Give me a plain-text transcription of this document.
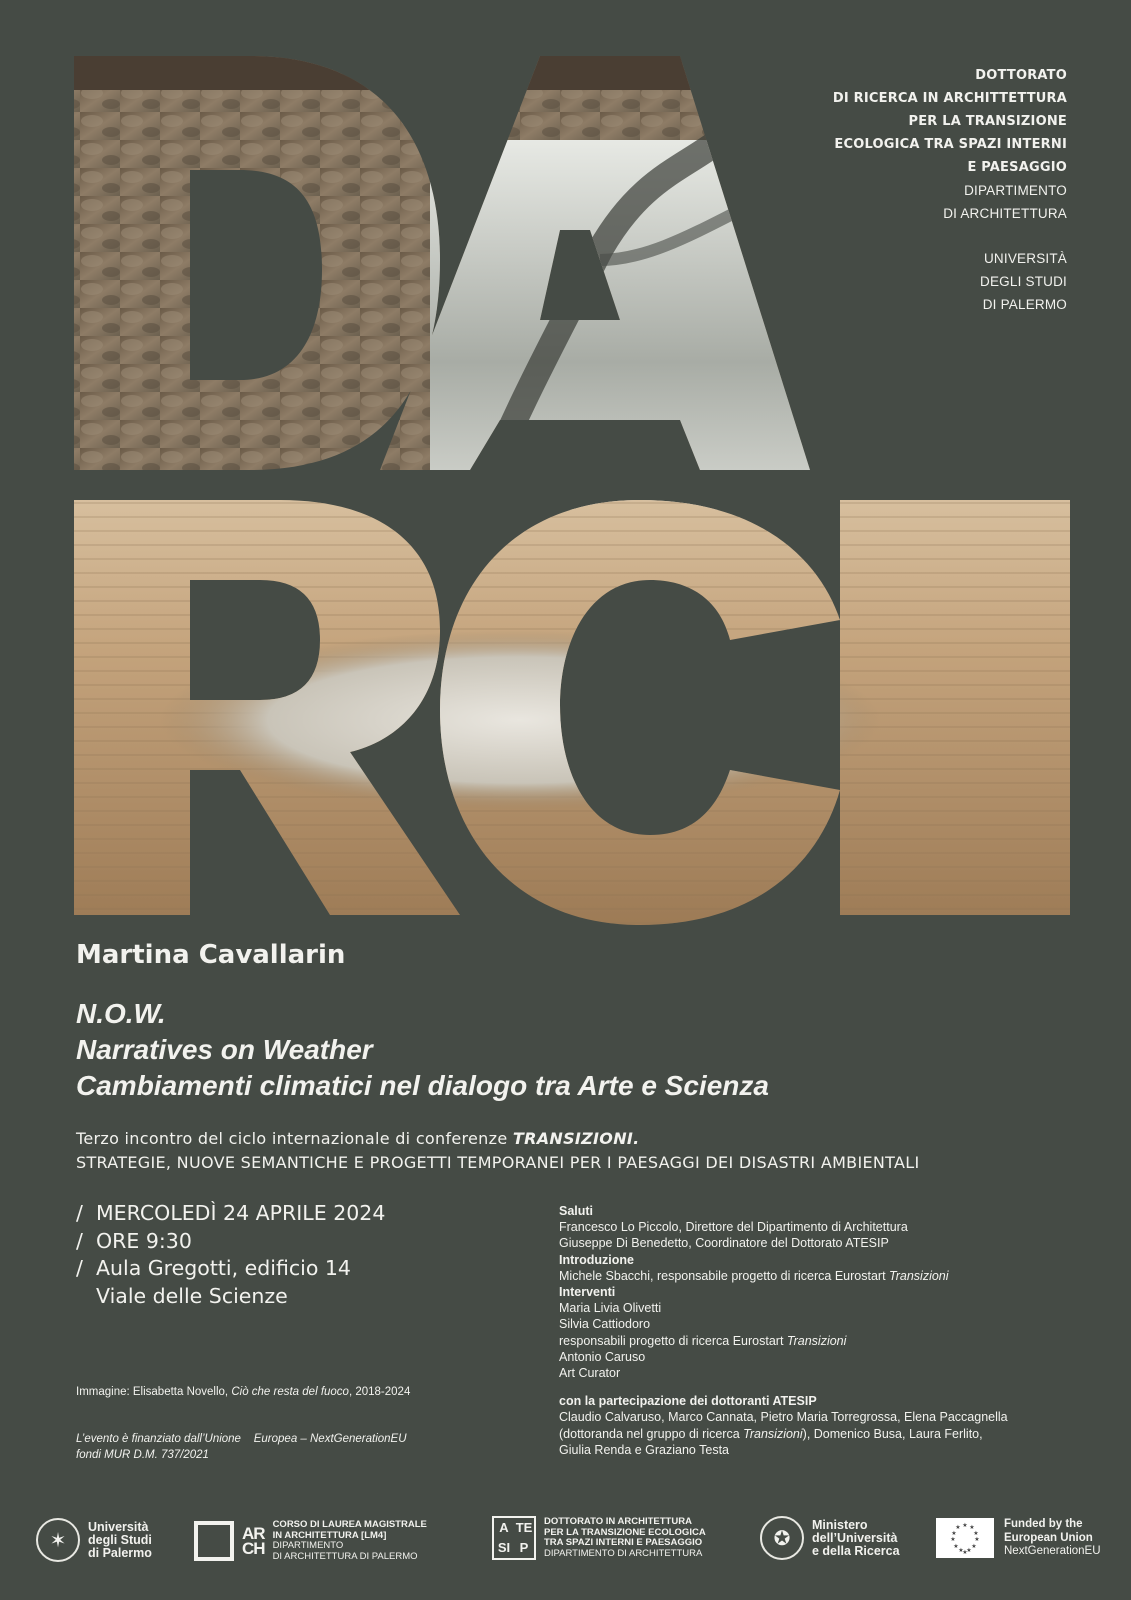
DOTTORATO
DI RICERCA IN ARCHITTETTURA
PER LA TRANSIZIONE
ECOLOGICA TRA SPAZI INTERNI
E PAESAGGIO
DIPARTIMENTO
DI ARCHITETTURA
UNIVERSITÀ
DEGLI STUDI
DI PALERMO
Martina Cavallarin
N.O.W.
Narratives on Weather
Cambiamenti climatici nel dialogo tra Arte e Scienza
Terzo incontro del ciclo internazionale di conferenze TRANSIZIONI.
STRATEGIE, NUOVE SEMANTICHE E PROGETTI TEMPORANEI PER I PAESAGGI DEI DISASTRI AMBIENTALI
/ MERCOLEDÌ 24 APRILE 2024
/ ORE 9:30
/ Aula Gregotti, edificio 14
Viale delle Scienze
Immagine: Elisabetta Novello, Ciò che resta del fuoco, 2018-2024
L’evento è finanziato dall’Unione    Europea – NextGenerationEU
fondi MUR D.M. 737/2021
Saluti
Francesco Lo Piccolo, Direttore del Dipartimento di Architettura
Giuseppe Di Benedetto, Coordinatore del Dottorato ATESIP
Introduzione
Michele Sbacchi, responsabile progetto di ricerca Eurostart Transizioni
Interventi
Maria Livia Olivetti
Silvia Cattiodoro
responsabili progetto di ricerca Eurostart Transizioni
Antonio Caruso
Art Curator
con la partecipazione dei dottoranti ATESIP
Claudio Calvaruso, Marco Cannata, Pietro Maria Torregrossa, Elena Paccagnella
(dottoranda nel gruppo di ricerca Transizioni), Domenico Busa, Laura Ferlito,
Giulia Renda e Graziano Testa
✶
Università
degli Studi
di Palermo
AR
CH
CORSO DI LAUREA MAGISTRALE
IN ARCHITETTURA [LM4]
DIPARTIMENTO
DI ARCHITETTURA DI PALERMO
A TE
SI P
DOTTORATO IN ARCHITETTURA
PER LA TRANSIZIONE ECOLOGICA
TRA SPAZI INTERNI E PAESAGGIO
DIPARTIMENTO DI ARCHITETTURA
✪
Ministero
dell’Università
e della Ricerca
★ ★
★
★
★
★
★
★
★
★
★
★
Funded by the
European Union
NextGenerationEU
